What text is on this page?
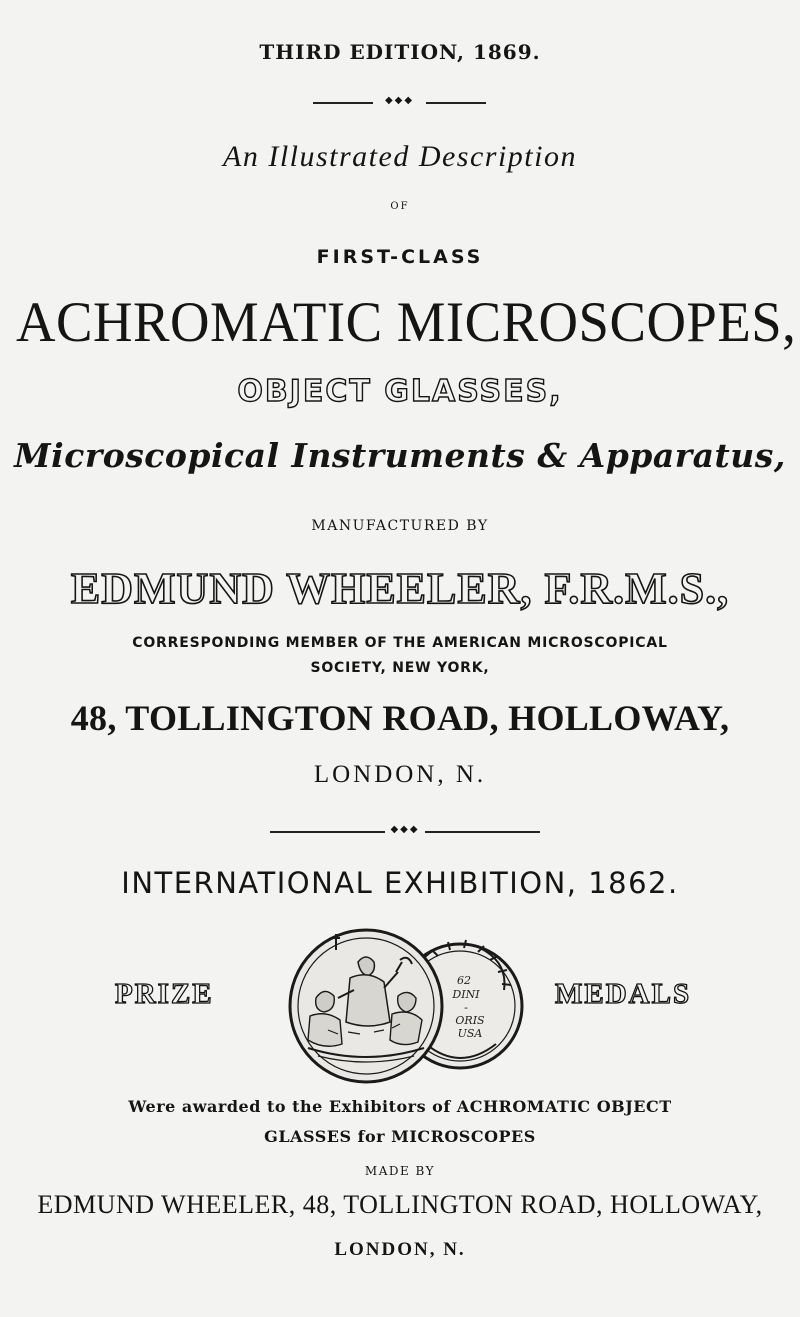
THIRD EDITION, 1869.
◆◆◆
An Illustrated Description
OF
FIRST-CLASS
ACHROMATIC MICROSCOPES,
OBJECT GLASSES,
Microscopical Instruments & Apparatus,
MANUFACTURED BY
EDMUND WHEELER, F.R.M.S.,
CORRESPONDING MEMBER OF THE AMERICAN MICROSCOPICAL
SOCIETY, NEW YORK,
48, TOLLINGTON ROAD, HOLLOWAY,
LONDON, N.
◆◆◆
INTERNATIONAL EXHIBITION, 1862.
PRIZE	MEDALS
62
DINI
-
ORIS
USA
Were awarded to the Exhibitors of ACHROMATIC OBJECT
GLASSES for MICROSCOPES
MADE BY
EDMUND WHEELER, 48, TOLLINGTON ROAD, HOLLOWAY,
LONDON, N.
